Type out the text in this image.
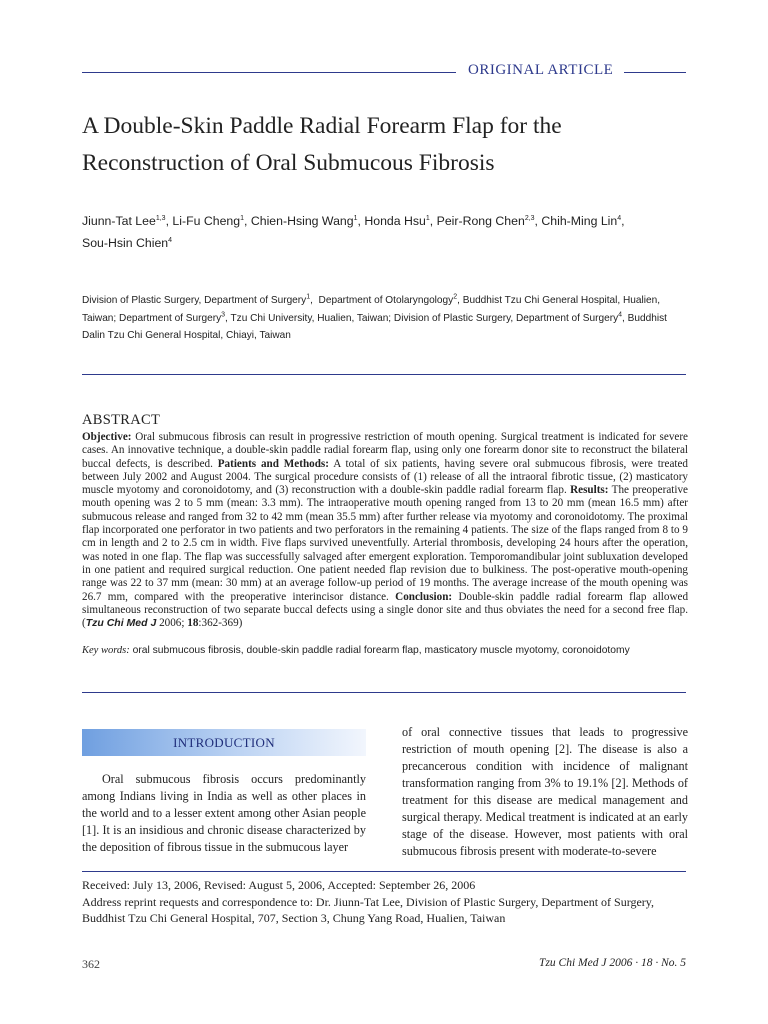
ORIGINAL ARTICLE
A Double-Skin Paddle Radial Forearm Flap for the
Reconstruction of Oral Submucous Fibrosis
Jiunn-Tat Lee$^{1,3}$, Li-Fu Cheng$^1$, Chien-Hsing Wang$^1$, Honda Hsu$^1$, Peir-Rong Chen$^{2,3}$, Chih-Ming Lin$^4$,
Sou-Hsin Chien$^4$
Division of Plastic Surgery, Department of Surgery$^1$,  Department of Otolaryngology$^2$, Buddhist Tzu Chi General Hospital, Hualien, Taiwan; Department of Surgery$^3$, Tzu Chi University, Hualien, Taiwan; Division of Plastic Surgery, Department of Surgery$^4$, Buddhist Dalin Tzu Chi General Hospital, Chiayi, Taiwan
ABSTRACT
Objective: Oral submucous fibrosis can result in progressive restriction of mouth opening. Surgical treatment is indicated for severe cases. An innovative technique, a double-skin paddle radial forearm flap, using only one forearm donor site to reconstruct the bilateral buccal defects, is described. Patients and Methods: A total of six patients, having severe oral submucous fibrosis, were treated between July 2002 and August 2004. The surgical procedure consists of (1) release of all the intraoral fibrotic tissue, (2) masticatory muscle myotomy and coronoidotomy, and (3) reconstruction with a double-skin paddle radial forearm flap. Results: The preoperative mouth opening was 2 to 5 mm (mean: 3.3 mm). The intraoperative mouth opening ranged from 13 to 20 mm (mean 16.5 mm) after submucous release and ranged from 32 to 42 mm (mean 35.5 mm) after further release via myotomy and coronoidotomy. The proximal flap incorporated one perforator in two patients and two perforators in the remaining 4 patients. The size of the flaps ranged from 8 to 9 cm in length and 2 to 2.5 cm in width. Five flaps survived uneventfully. Arterial thrombosis, developing 24 hours after the operation, was noted in one flap. The flap was successfully salvaged after emergent exploration. Temporomandibular joint subluxation developed in one patient and required surgical reduction. One patient needed flap revision due to bulkiness. The post-operative mouth-opening range was 22 to 37 mm (mean: 30 mm) at an average follow-up period of 19 months. The average increase of the mouth opening was 26.7 mm, compared with the preoperative interincisor distance. Conclusion: Double-skin paddle radial forearm flap allowed simultaneous reconstruction of two separate buccal defects using a single donor site and thus obviates the need for a second free flap. (Tzu Chi Med J 2006; 18:362-369)
Key words: oral submucous fibrosis, double-skin paddle radial forearm flap, masticatory muscle myotomy, coronoidotomy
INTRODUCTION

Oral submucous fibrosis occurs predominantly among Indians living in India as well as other places in the world and to a lesser extent among other Asian people [1]. It is an insidious and chronic disease characterized by the deposition of fibrous tissue in the submucous layer

of oral connective tissues that leads to progressive restriction of mouth opening [2]. The disease is also a precancerous condition with incidence of malignant transformation ranging from 3% to 19.1% [2]. Methods of treatment for this disease are medical management and surgical therapy. Medical treatment is indicated at an early stage of the disease. However, most patients with oral submucous fibrosis present with moderate-to-severe

Received: July 13, 2006, Revised: August 5, 2006, Accepted: September 26, 2006

Address reprint requests and correspondence to: Dr. Jiunn-Tat Lee, Division of Plastic Surgery, Department of Surgery, Buddhist Tzu Chi General Hospital, 707, Section 3, Chung Yang Road, Hualien, Taiwan

362	Tzu Chi Med J 2006 · 18 · No. 5
